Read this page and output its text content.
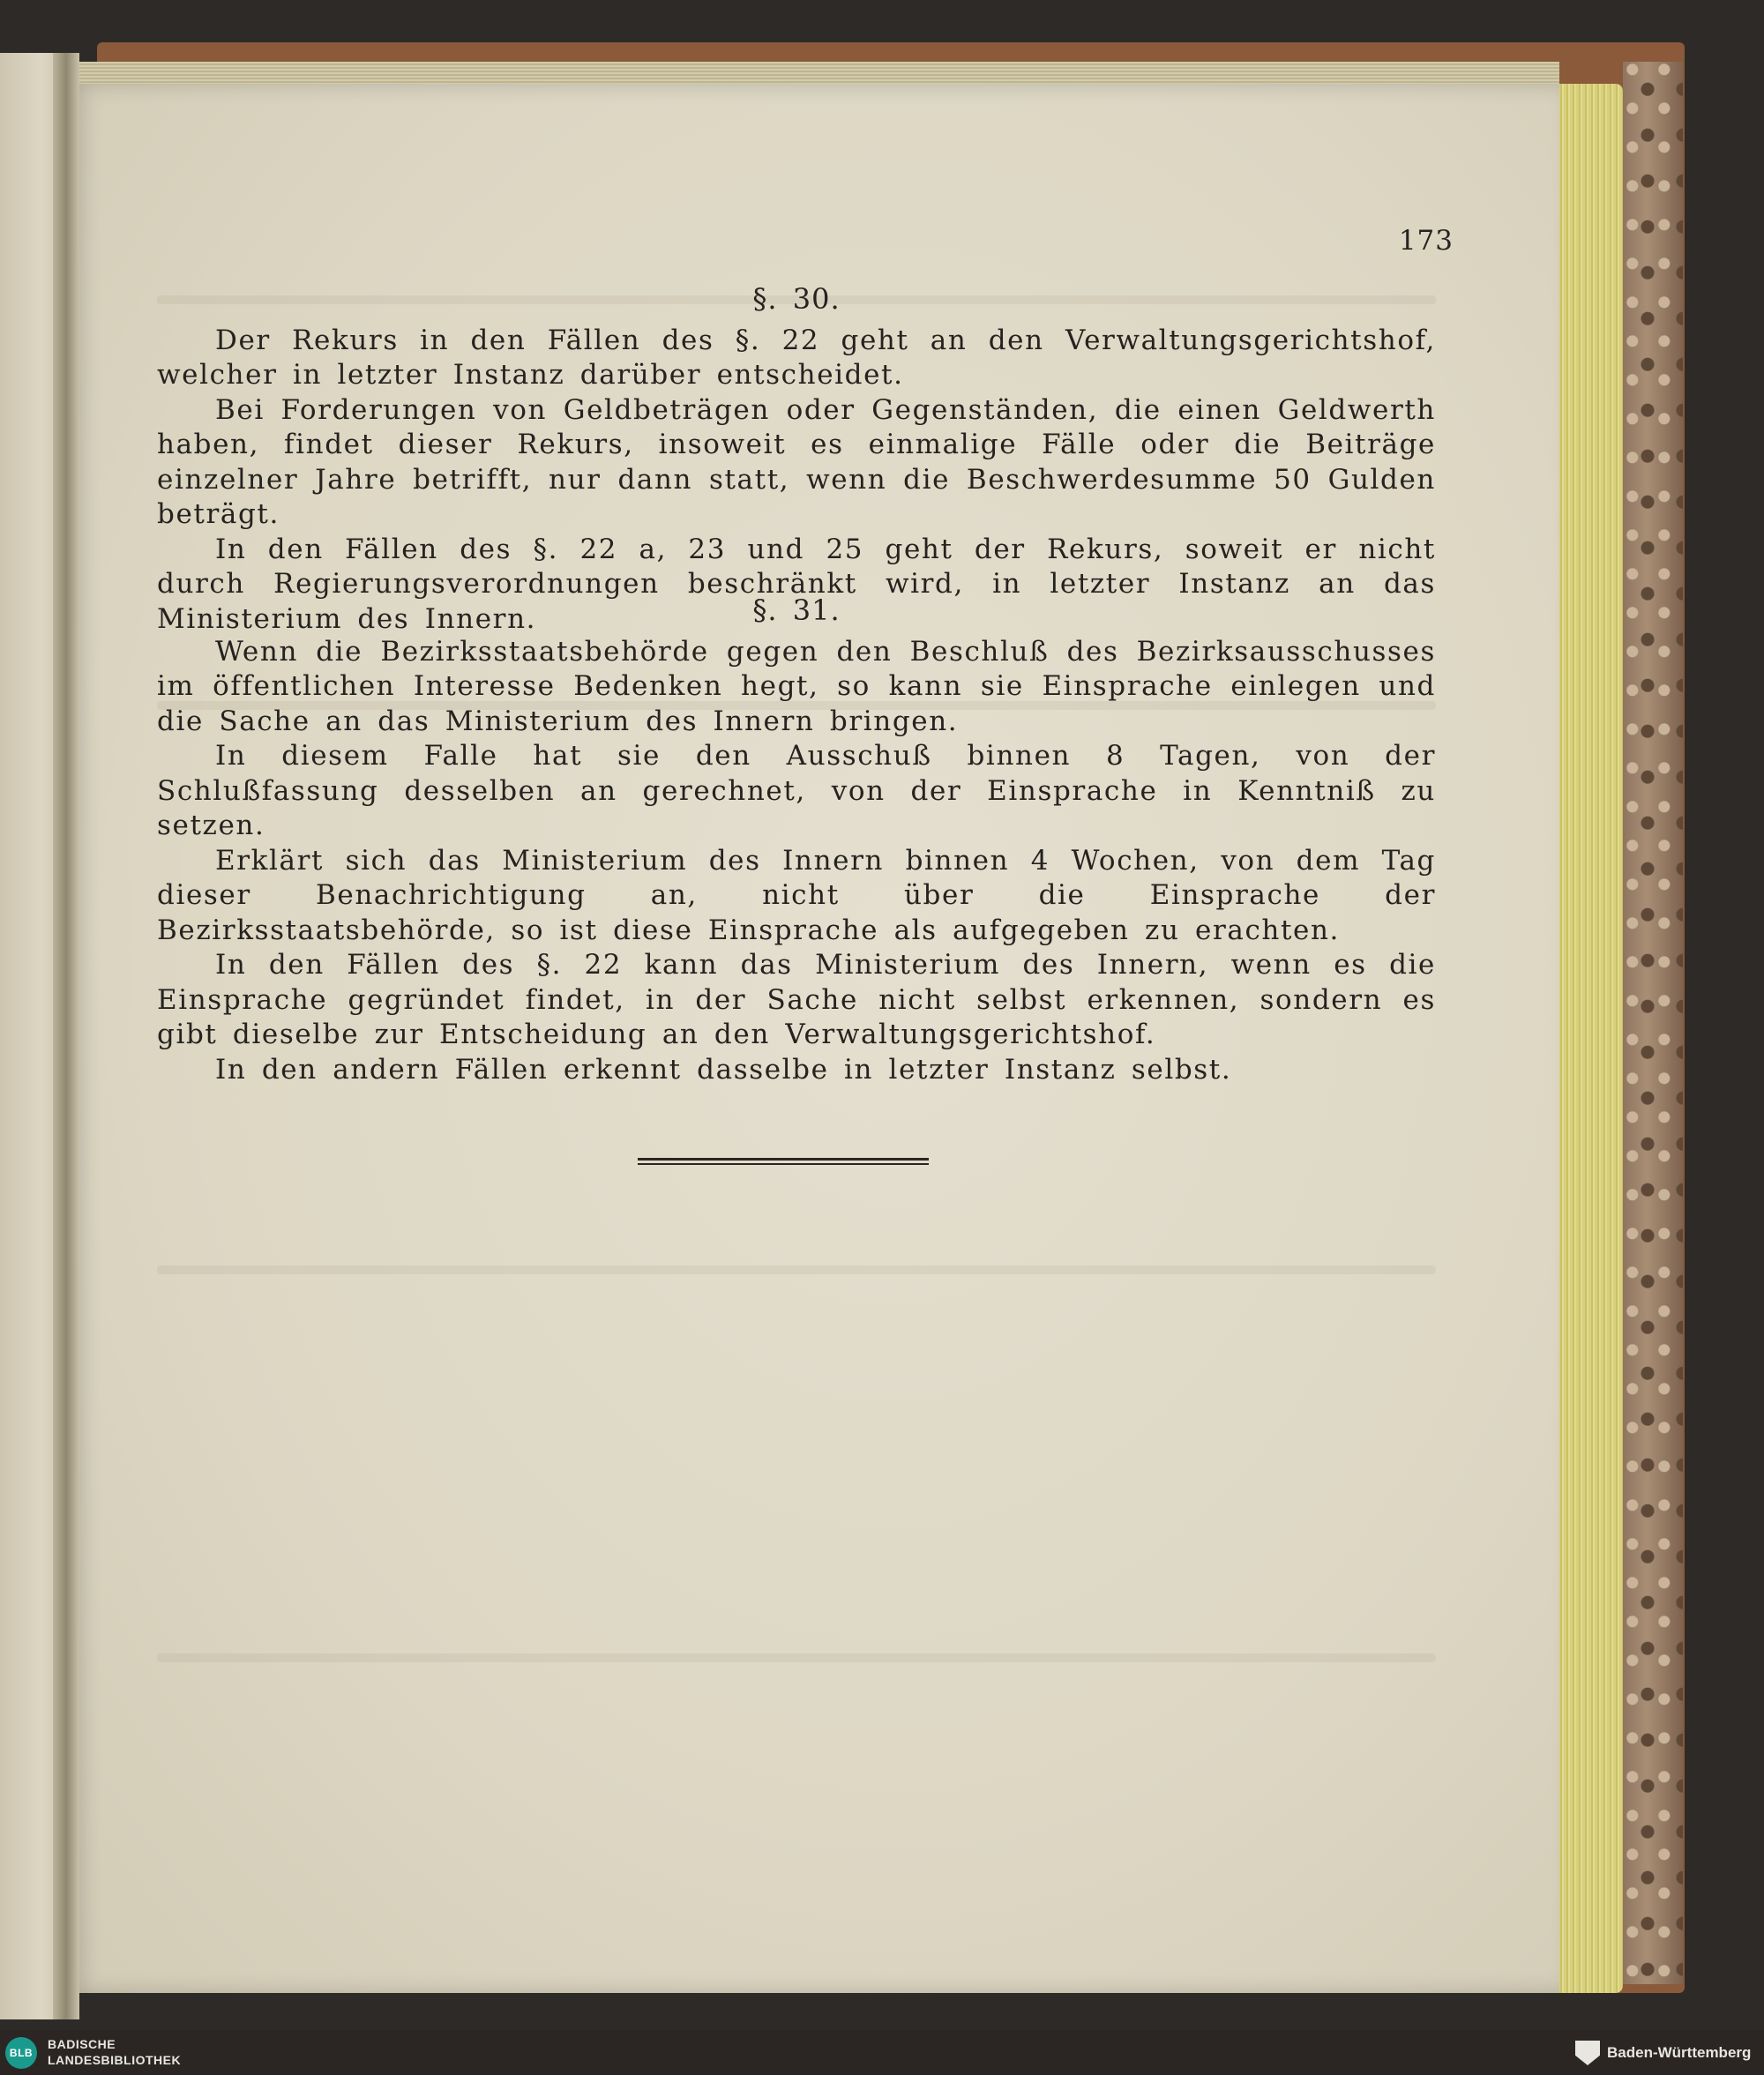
173

§. 30.

Der Rekurs in den Fällen des §. 22 geht an den Verwaltungsgerichtshof, welcher in letzter Instanz darüber entscheidet.

Bei Forderungen von Geldbeträgen oder Gegenständen, die einen Geldwerth haben, findet dieser Rekurs, insoweit es einmalige Fälle oder die Beiträge einzelner Jahre betrifft, nur dann statt, wenn die Beschwerdesumme 50 Gulden beträgt.

In den Fällen des §. 22 a, 23 und 25 geht der Rekurs, soweit er nicht durch Regierungsverordnungen beschränkt wird, in letzter Instanz an das Ministerium des Innern.	§. 31.

Wenn die Bezirksstaatsbehörde gegen den Beschluß des Bezirksausschusses im öffentlichen Interesse Bedenken hegt, so kann sie Einsprache einlegen und die Sache an das Ministerium des Innern bringen.

In diesem Falle hat sie den Ausschuß binnen 8 Tagen, von der Schlußfassung desselben an gerechnet, von der Einsprache in Kenntniß zu setzen.

Erklärt sich das Ministerium des Innern binnen 4 Wochen, von dem Tag dieser Benachrichtigung an, nicht über die Einsprache der Bezirksstaatsbehörde, so ist diese Einsprache als aufgegeben zu erachten.

In den Fällen des §. 22 kann das Ministerium des Innern, wenn es die Einsprache gegründet findet, in der Sache nicht selbst erkennen, sondern es gibt dieselbe zur Entscheidung an den Verwaltungsgerichtshof.

In den andern Fällen erkennt dasselbe in letzter Instanz selbst.

BLB
BADISCHE
LANDESBIBLIOTHEK	Baden-Württemberg
